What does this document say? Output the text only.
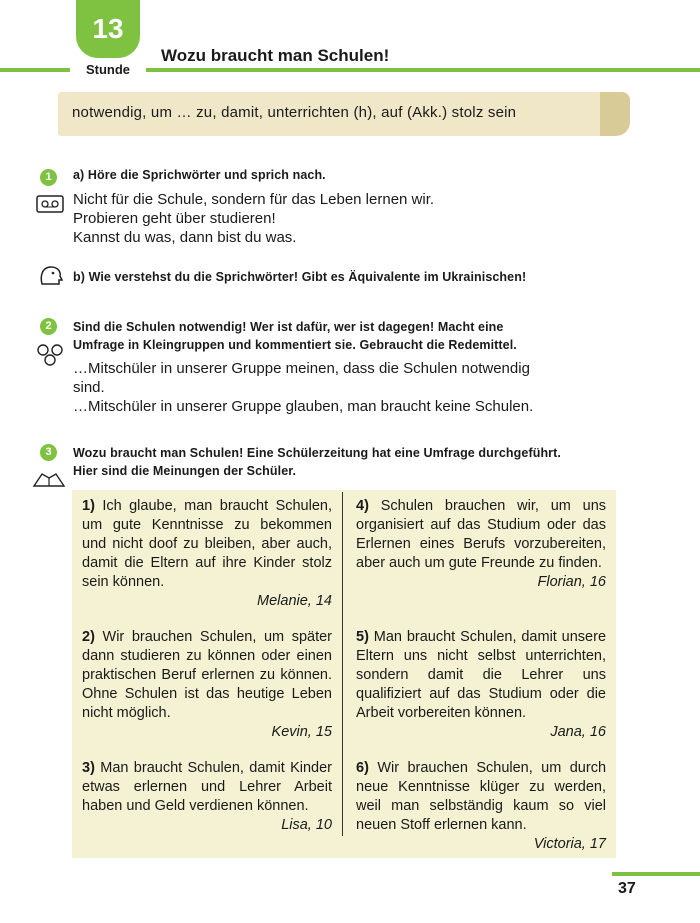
13
Stunde
Wozu braucht man Schulen!
notwendig, um … zu, damit, unterrichten (h), auf (Akk.) stolz sein
1	a) Höre die Sprichwörter und sprich nach.
Nicht für die Schule, sondern für das Leben lernen wir.
Probieren geht über studieren!
Kannst du was, dann bist du was.
b) Wie verstehst du die Sprichwörter! Gibt es Äquivalente im Ukrainischen!
2	Sind die Schulen notwendig! Wer ist dafür, wer ist dagegen! Macht eine
Umfrage in Kleingruppen und kommentiert sie. Gebraucht die Redemittel.
…Mitschüler in unserer Gruppe meinen, dass die Schulen notwendig
sind.
…Mitschüler in unserer Gruppe glauben, man braucht keine Schulen.
3	Wozu braucht man Schulen! Eine Schülerzeitung hat eine Umfrage durchgeführt.
Hier sind die Meinungen der Schüler.
1) Ich glaube, man braucht Schulen, um gute Kenntnisse zu bekommen und nicht doof zu bleiben, aber auch, damit die Eltern auf ihre Kinder stolz sein können.
Melanie, 14
2) Wir brauchen Schulen, um später dann studieren zu können oder einen praktischen Beruf erlernen zu können. Ohne Schulen ist das heutige Leben nicht möglich.
Kevin, 15
3) Man braucht Schulen, damit Kinder etwas erlernen und Lehrer Arbeit haben und Geld verdienen können.
Lisa, 10
4) Schulen brauchen wir, um uns organisiert auf das Studium oder das Erlernen eines Berufs vorzubereiten, aber auch um gute Freunde zu finden.
Florian, 16
5) Man braucht Schulen, damit unsere Eltern uns nicht selbst unterrichten, sondern damit die Lehrer uns qualifiziert auf das Studium oder die Arbeit vorbereiten können.
Jana, 16
6) Wir brauchen Schulen, um durch neue Kenntnisse klüger zu werden, weil man selbständig kaum so viel neuen Stoff erlernen kann.
Victoria, 17
37
